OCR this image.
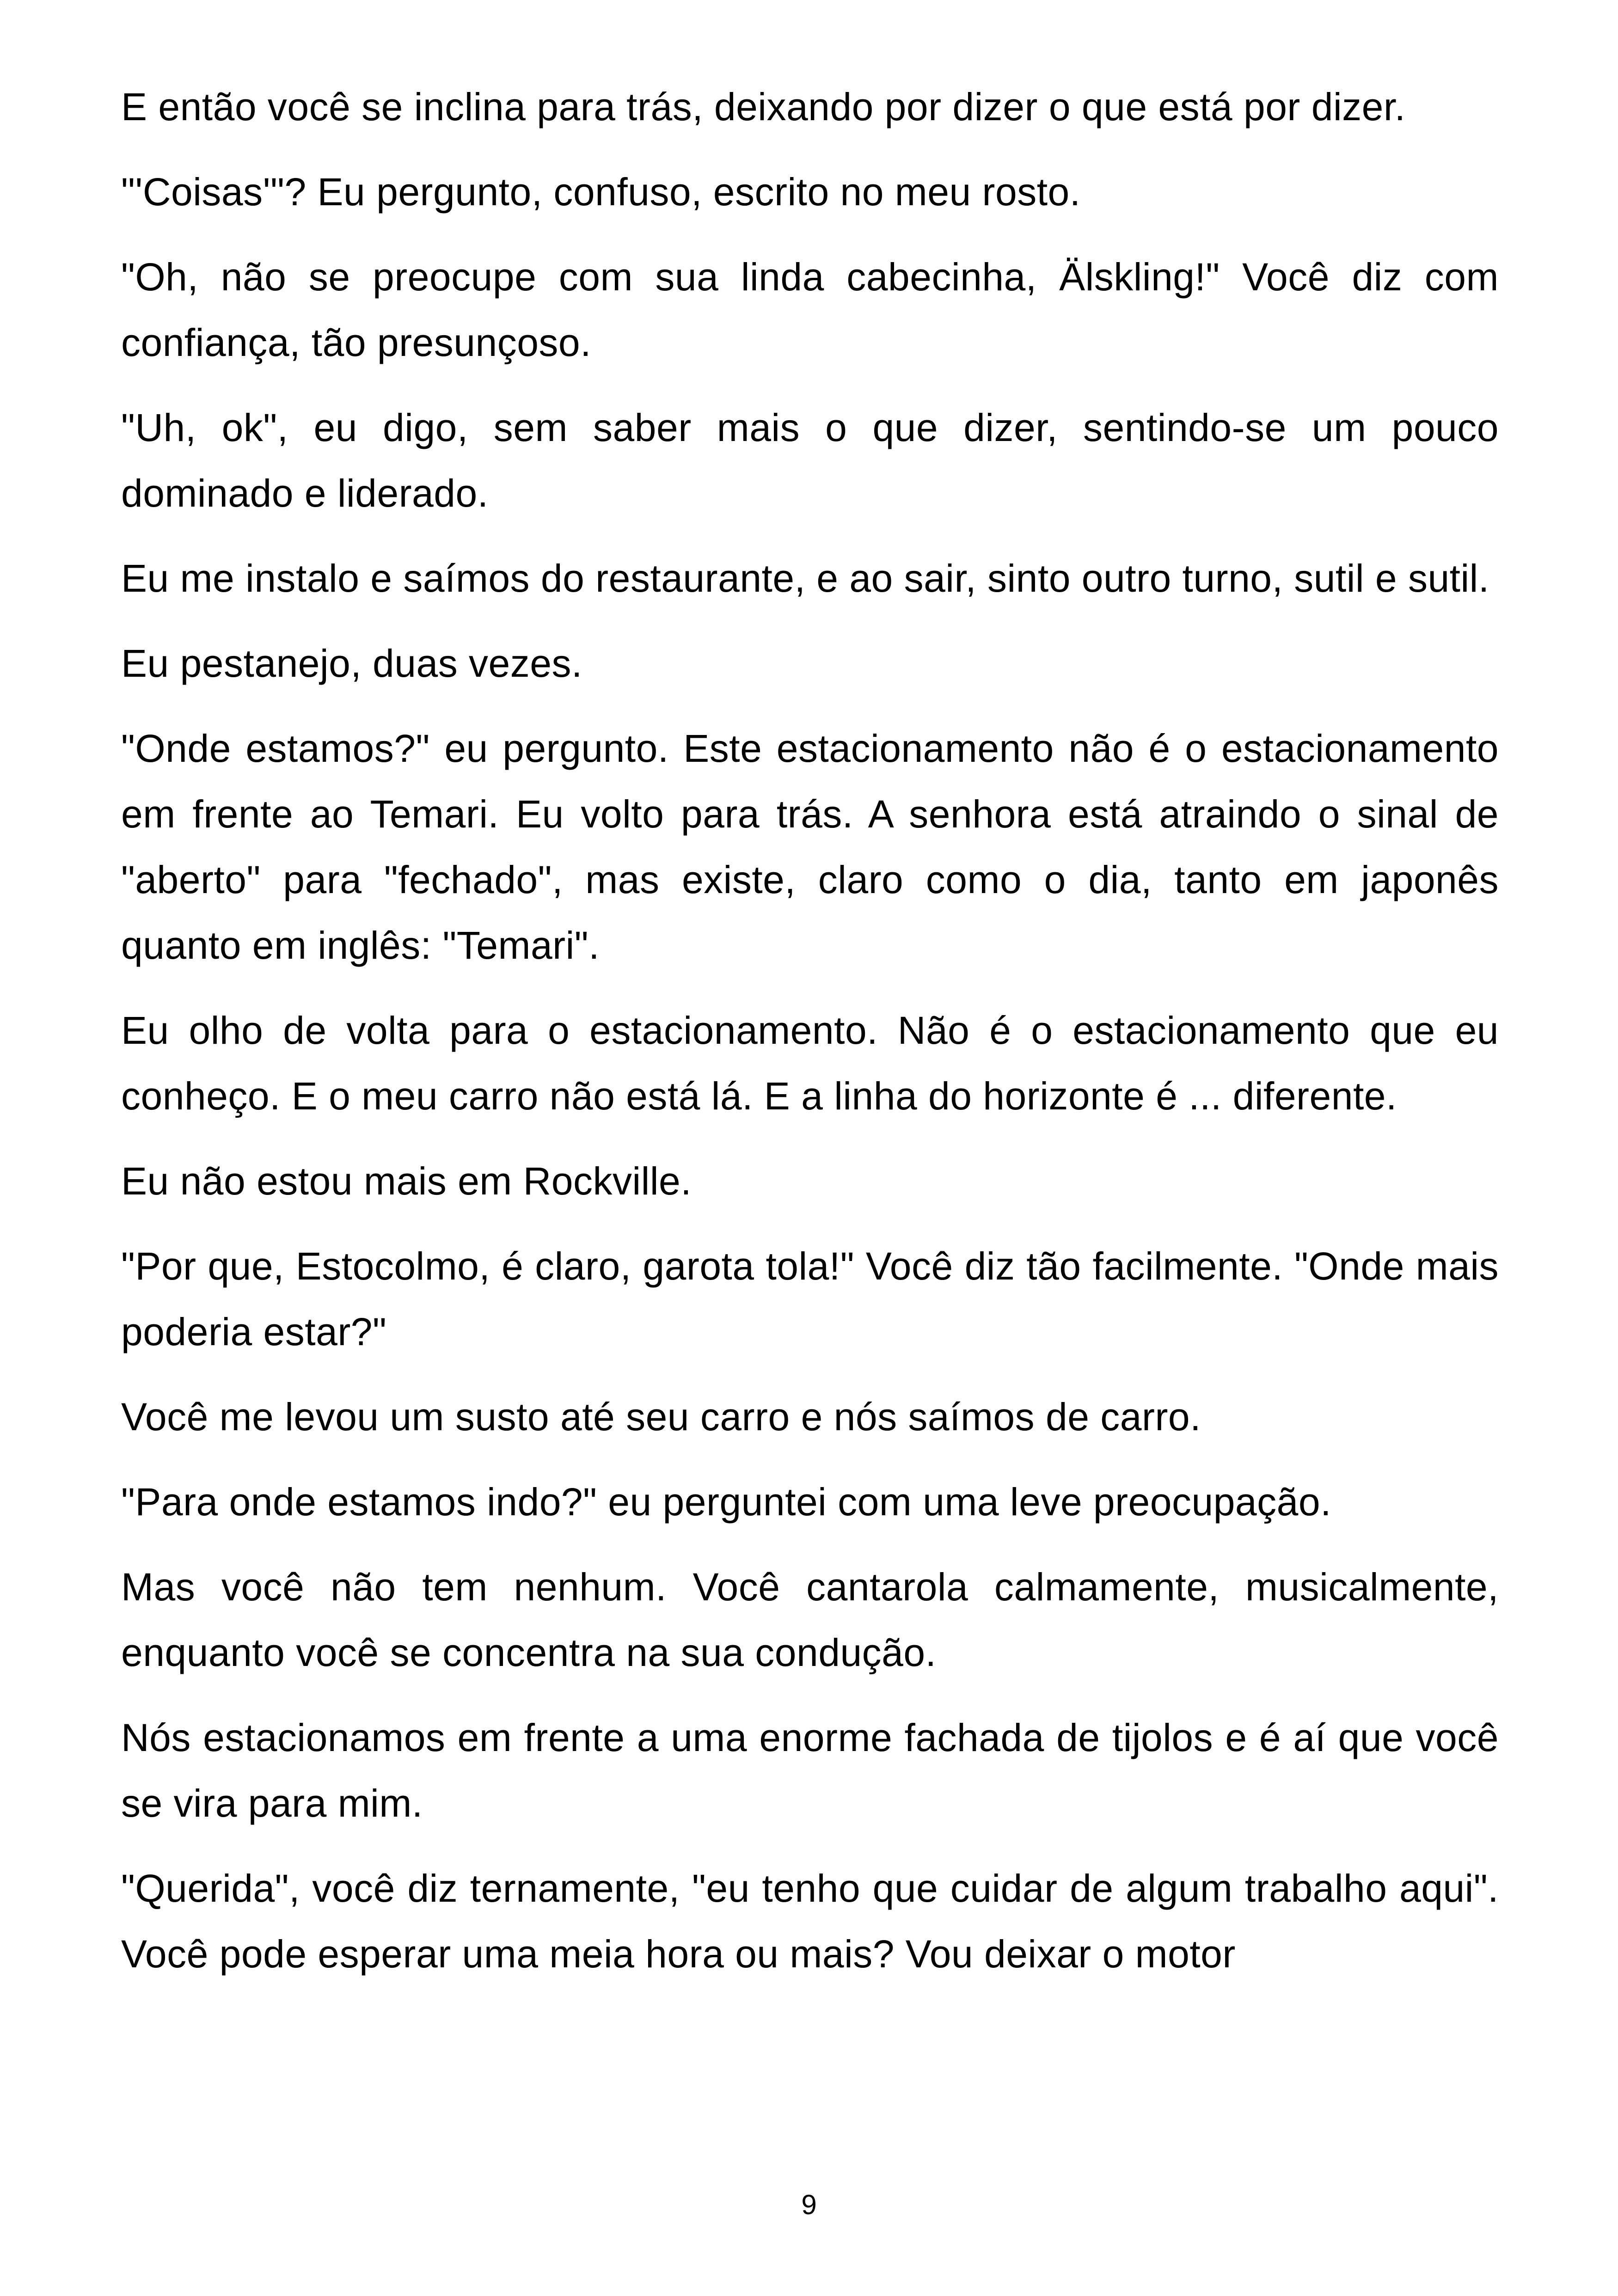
E então você se inclina para trás, deixando por dizer o que está por dizer.

"'Coisas'"? Eu pergunto, confuso, escrito no meu rosto.

"Oh, não se preocupe com sua linda cabecinha, Älskling!" Você diz com confiança, tão presunçoso.

"Uh, ok", eu digo, sem saber mais o que dizer, sentindo-se um pouco dominado e liderado.

Eu me instalo e saímos do restaurante, e ao sair, sinto outro turno, sutil e sutil.

Eu pestanejo, duas vezes.

"Onde estamos?" eu pergunto. Este estacionamento não é o estacionamento em frente ao Temari. Eu volto para trás. A senhora está atraindo o sinal de "aberto" para "fechado", mas existe, claro como o dia, tanto em japonês quanto em inglês: "Temari".

Eu olho de volta para o estacionamento. Não é o estacionamento que eu conheço. E o meu carro não está lá. E a linha do horizonte é ... diferente.

Eu não estou mais em Rockville.

"Por que, Estocolmo, é claro, garota tola!" Você diz tão facilmente. "Onde mais poderia estar?"

Você me levou um susto até seu carro e nós saímos de carro.

"Para onde estamos indo?" eu perguntei com uma leve preocupação.

Mas você não tem nenhum. Você cantarola calmamente, musicalmente, enquanto você se concentra na sua condução.

Nós estacionamos em frente a uma enorme fachada de tijolos e é aí que você se vira para mim.

"Querida", você diz ternamente, "eu tenho que cuidar de algum trabalho aqui". Você pode esperar uma meia hora ou mais? Vou deixar o motor

9
